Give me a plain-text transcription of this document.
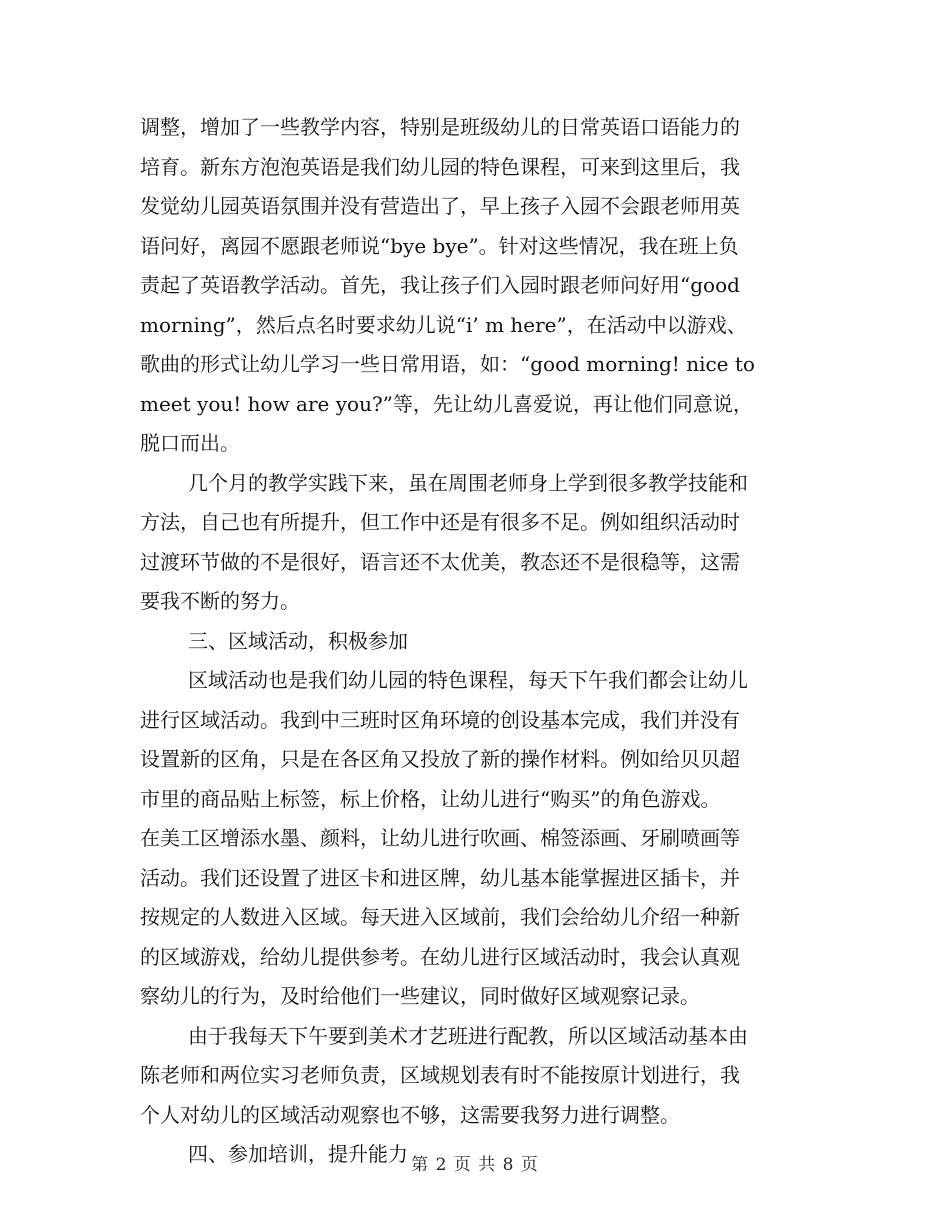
调整，增加了一些教学内容，特别是班级幼儿的日常英语口语能力的
培育。新东方泡泡英语是我们幼儿园的特色课程，可来到这里后，我
发觉幼儿园英语氛围并没有营造出了，早上孩子入园不会跟老师用英
语问好，离园不愿跟老师说“bye bye”。针对这些情况，我在班上负
责起了英语教学活动。首先，我让孩子们入园时跟老师问好用“good
morning”，然后点名时要求幼儿说“i’ m here”，在活动中以游戏、
歌曲的形式让幼儿学习一些日常用语，如：“good morning! nice to
meet you! how are you?”等，先让幼儿喜爱说，再让他们同意说，
脱口而出。
几个月的教学实践下来，虽在周围老师身上学到很多教学技能和
方法，自己也有所提升，但工作中还是有很多不足。例如组织活动时
过渡环节做的不是很好，语言还不太优美，教态还不是很稳等，这需
要我不断的努力。
三、区域活动，积极参加
区域活动也是我们幼儿园的特色课程，每天下午我们都会让幼儿
进行区域活动。我到中三班时区角环境的创设基本完成，我们并没有
设置新的区角，只是在各区角又投放了新的操作材料。例如给贝贝超
市里的商品贴上标签，标上价格，让幼儿进行“购买”的角色游戏。
在美工区增添水墨、颜料，让幼儿进行吹画、棉签添画、牙刷喷画等
活动。我们还设置了进区卡和进区牌，幼儿基本能掌握进区插卡，并
按规定的人数进入区域。每天进入区域前，我们会给幼儿介绍一种新
的区域游戏，给幼儿提供参考。在幼儿进行区域活动时，我会认真观
察幼儿的行为，及时给他们一些建议，同时做好区域观察记录。
由于我每天下午要到美术才艺班进行配教，所以区域活动基本由
陈老师和两位实习老师负责，区域规划表有时不能按原计划进行，我
个人对幼儿的区域活动观察也不够，这需要我努力进行调整。
四、参加培训，提升能力 第 2 页 共 8 页
